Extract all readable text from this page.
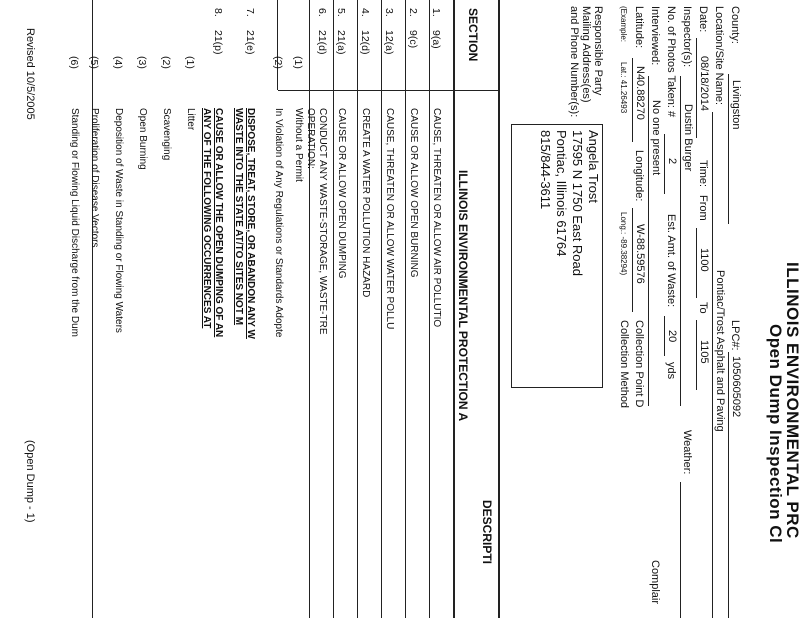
ILLINOIS ENVIRONMENTAL PRC
Open Dump Inspection Cl
County:
Livingston
LPC#:
1050605092
Location/Site Name:
Pontiac/Trost Asphalt and Paving
Date:
08/18/2014
Time:
From
1100
To
1105
Inspector(s):
Dustin Burger
Weather:
No. of Photos Taken: #
2
Est. Amt. of Waste:
20
yds
Interviewed:
No one present
Complair
Latitude:
N40.88270
Longitude:
W-88.59576
Collection Point D
(Example:
Lat.: 41.26493
Long.: -89.38294)
Collection Method
Responsible Party
Mailing Address(es)
and Phone Number(s):
Angela Trost
17595 N 1750 East Road
Pontiac, Illinois 61764
815/844-3611
SECTION
DESCRIPTI
ILLINOIS ENVIRONMENTAL PROTECTION A
1.
9(a)
CAUSE, THREATEN OR ALLOW AIR POLLUTIO
2.
9(c)
CAUSE OR ALLOW OPEN BURNING
3.
12(a)
CAUSE, THREATEN OR ALLOW WATER POLLU
4.
12(d)
CREATE A WATER POLLUTION HAZARD
5.
21(a)
CAUSE OR ALLOW OPEN DUMPING
6.
21(d)
CONDUCT ANY WASTE-STORAGE, WASTE-TRE
OPERATION:
(1)
Without a Permit
(2)
In Violation of Any Regulations or Standards Adopte
7.
21(e)
DISPOSE, TREAT, STORE, OR ABANDON ANY W
WASTE INTO THE STATE AT/TO SITES NOT M
8.
21(p)
CAUSE OR ALLOW THE OPEN DUMPING OF AN
ANY OF THE FOLLOWING OCCURRENCES AT
(1)
Litter
(2)
Scavenging
(3)
Open Burning
(4)
Deposition of Waste in Standing or Flowing Waters
(5)
Proliferation of Disease Vectors
(6)
Standing or Flowing Liquid Discharge from the Dum
Revised 10/5/2005
(Open Dump - 1)
